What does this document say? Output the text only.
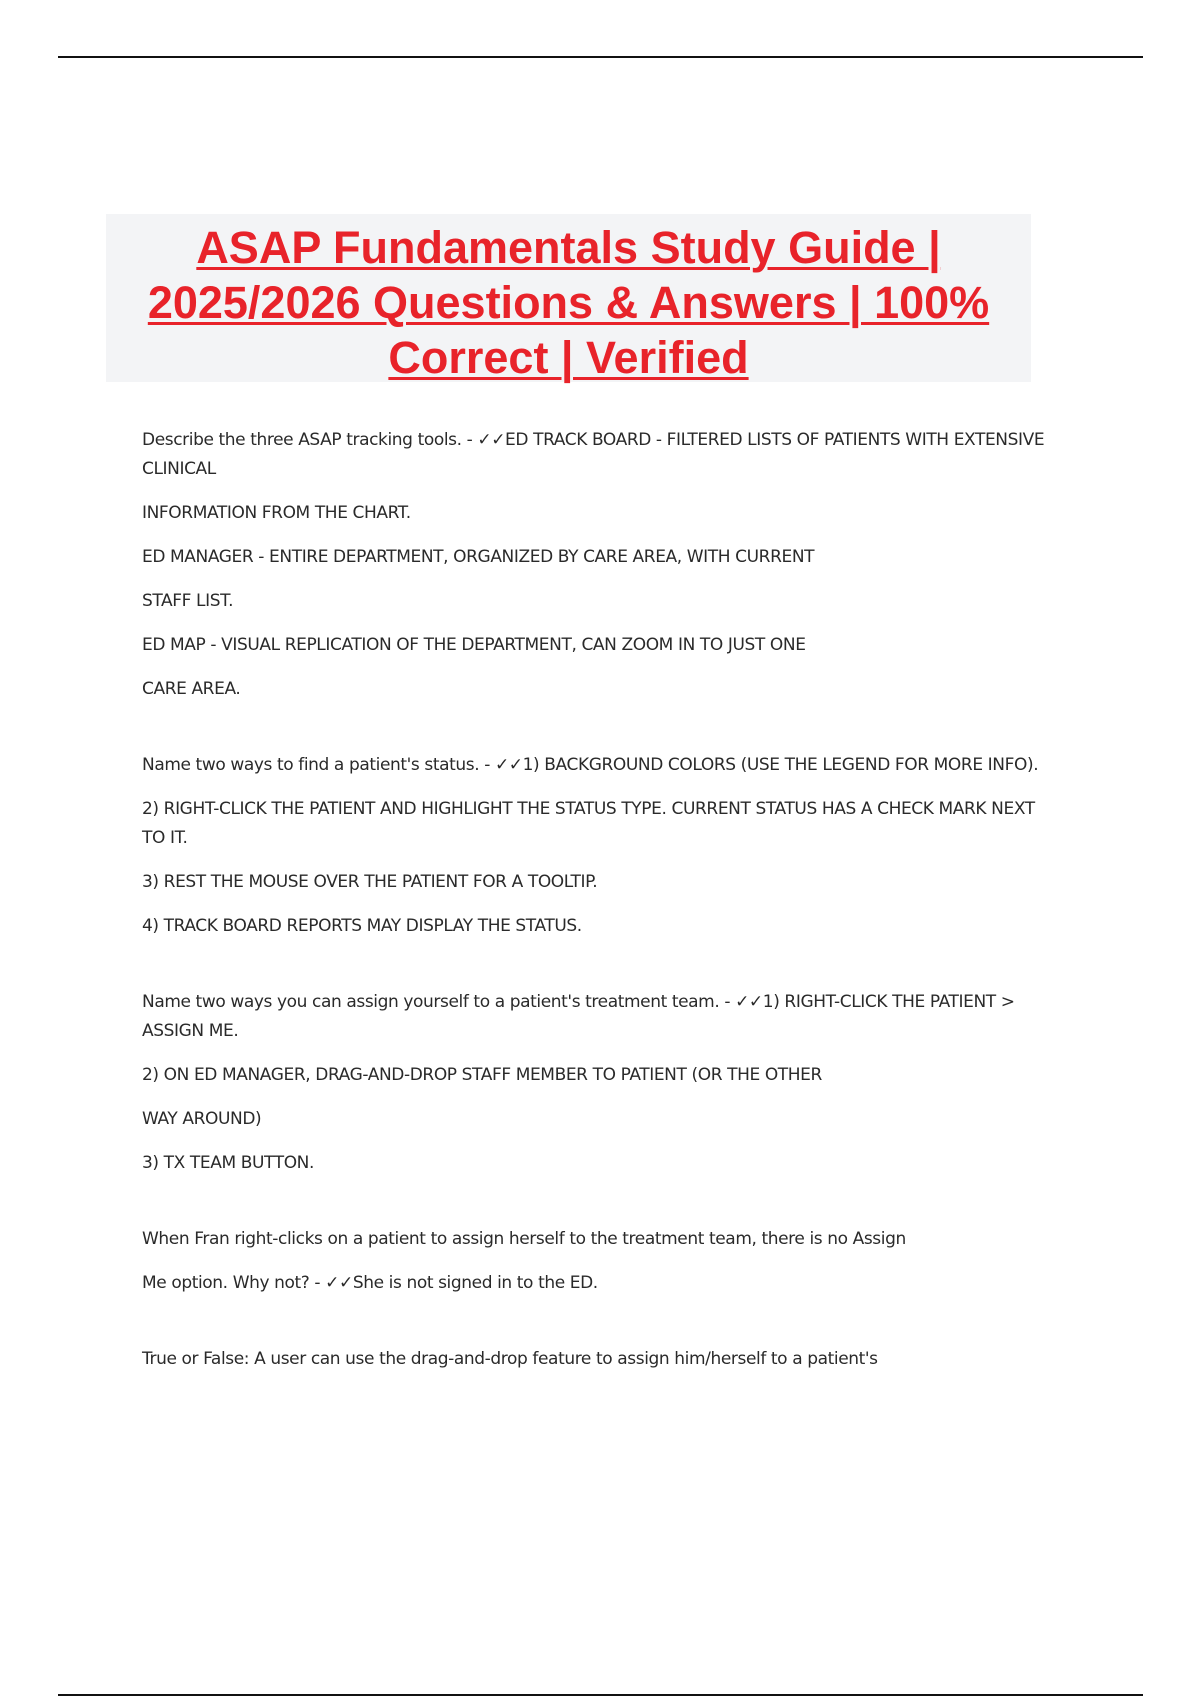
ASAP Fundamentals Study Guide |
2025/2026 Questions & Answers | 100%
Correct | Verified

Describe the three ASAP tracking tools. - ✓✓ED TRACK BOARD - FILTERED LISTS OF PATIENTS WITH EXTENSIVE CLINICAL

INFORMATION FROM THE CHART.

ED MANAGER - ENTIRE DEPARTMENT, ORGANIZED BY CARE AREA, WITH CURRENT

STAFF LIST.

ED MAP - VISUAL REPLICATION OF THE DEPARTMENT, CAN ZOOM IN TO JUST ONE

CARE AREA.

Name two ways to find a patient's status. - ✓✓1) BACKGROUND COLORS (USE THE LEGEND FOR MORE INFO).

2) RIGHT-CLICK THE PATIENT AND HIGHLIGHT THE STATUS TYPE. CURRENT STATUS HAS A CHECK MARK NEXT TO IT.

3) REST THE MOUSE OVER THE PATIENT FOR A TOOLTIP.

4) TRACK BOARD REPORTS MAY DISPLAY THE STATUS.

Name two ways you can assign yourself to a patient's treatment team. - ✓✓1) RIGHT-CLICK THE PATIENT > ASSIGN ME.

2) ON ED MANAGER, DRAG-AND-DROP STAFF MEMBER TO PATIENT (OR THE OTHER

WAY AROUND)

3) TX TEAM BUTTON.

When Fran right-clicks on a patient to assign herself to the treatment team, there is no Assign

Me option. Why not? - ✓✓She is not signed in to the ED.

True or False: A user can use the drag-and-drop feature to assign him/herself to a patient's
